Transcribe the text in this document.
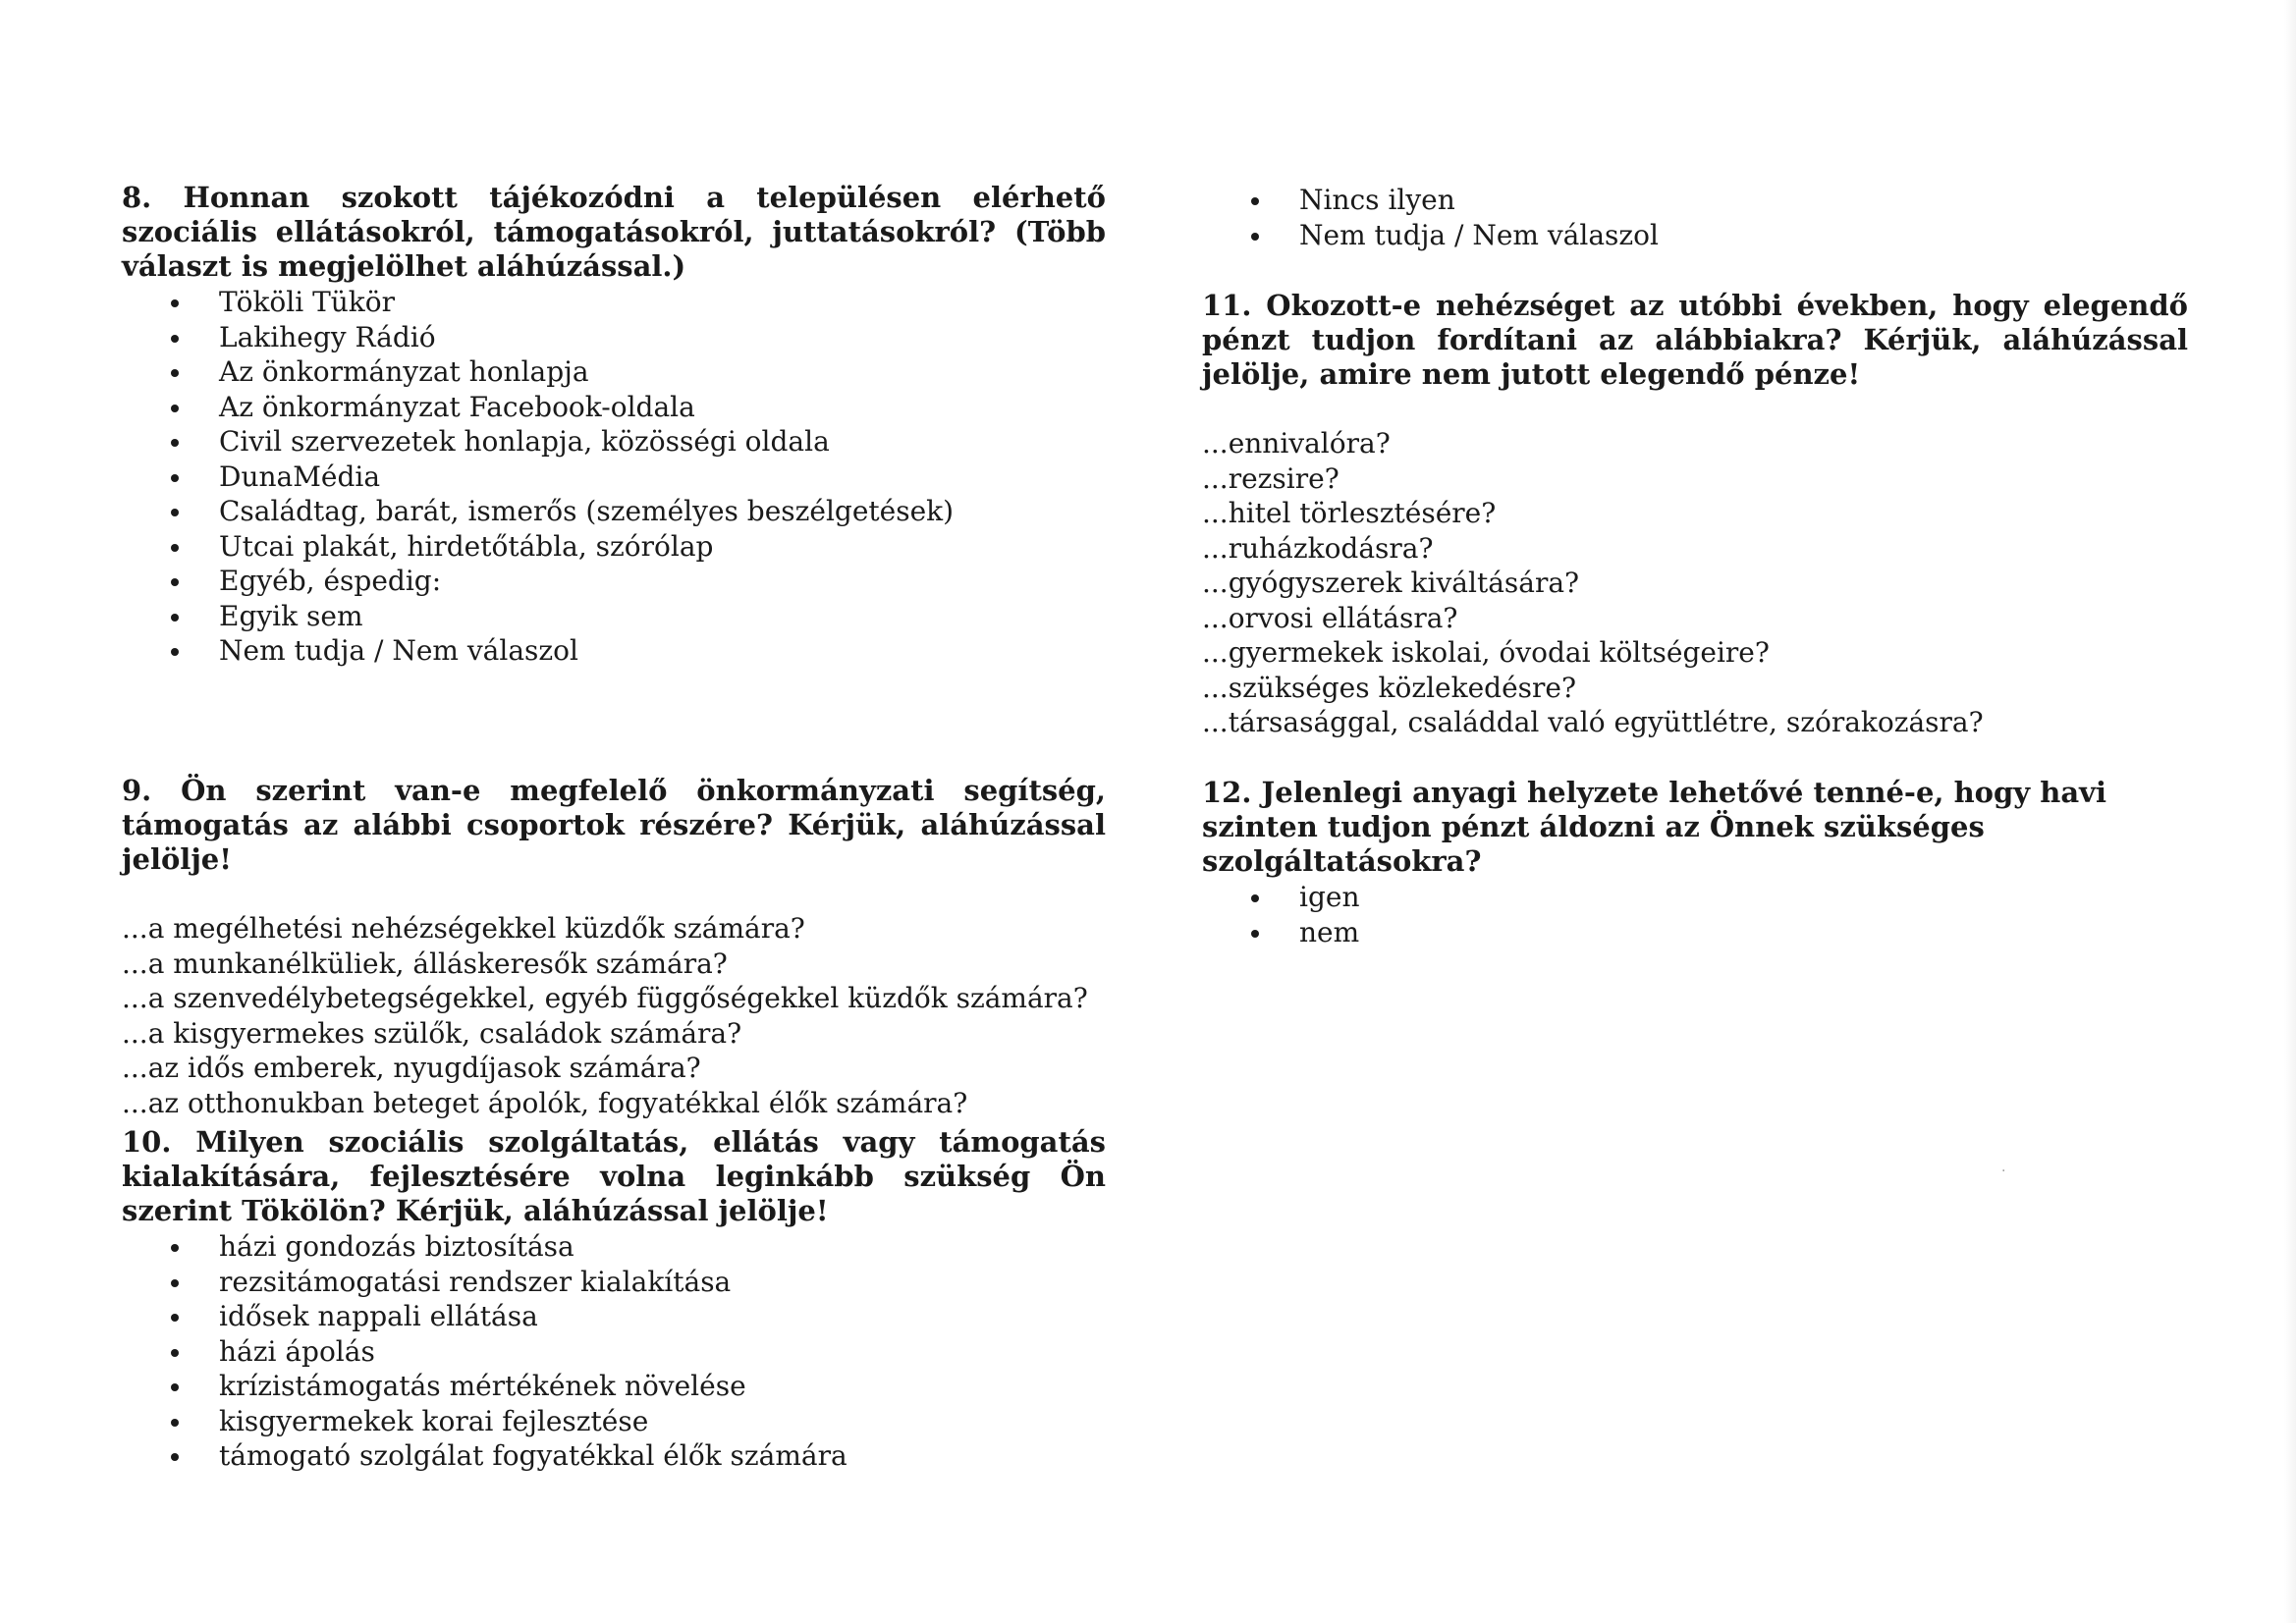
8. Honnan szokott tájékozódni a településen elérhető szociális ellátásokról, támogatásokról, juttatásokról? (Több választ is megjelölhet aláhúzással.)

Tököli Tükör
Lakihegy Rádió
Az önkormányzat honlapja
Az önkormányzat Facebook-oldala
Civil szervezetek honlapja, közösségi oldala
DunaMédia
Családtag, barát, ismerős (személyes beszélgetések)
Utcai plakát, hirdetőtábla, szórólap
Egyéb, éspedig:
Egyik sem
Nem tudja / Nem válaszol

9. Ön szerint van-e megfelelő önkormányzati segítség, támogatás az alábbi csoportok részére? Kérjük, aláhúzással jelölje!

...a megélhetési nehézségekkel küzdők számára?
...a munkanélküliek, álláskeresők számára?
...a szenvedélybetegségekkel, egyéb függőségekkel küzdők számára?
...a kisgyermekes szülők, családok számára?
...az idős emberek, nyugdíjasok számára?
...az otthonukban beteget ápolók, fogyatékkal élők számára?

10. Milyen szociális szolgáltatás, ellátás vagy támogatás kialakítására, fejlesztésére volna leginkább szükség Ön szerint Tökölön? Kérjük, aláhúzással jelölje!

házi gondozás biztosítása
rezsitámogatási rendszer kialakítása
idősek nappali ellátása
házi ápolás
krízistámogatás mértékének növelése
kisgyermekek korai fejlesztése
támogató szolgálat fogyatékkal élők számára
Nincs ilyen
Nem tudja / Nem válaszol

11. Okozott-e nehézséget az utóbbi években, hogy elegendő pénzt tudjon fordítani az alábbiakra? Kérjük, aláhúzással jelölje, amire nem jutott elegendő pénze!

...ennivalóra?
...rezsire?
...hitel törlesztésére?
...ruházkodásra?
...gyógyszerek kiváltására?
...orvosi ellátásra?
...gyermekek iskolai, óvodai költségeire?
...szükséges közlekedésre?
...társasággal, családdal való együttlétre, szórakozásra?

12. Jelenlegi anyagi helyzete lehetővé tenné-e, hogy havi szinten tudjon pénzt áldozni az Önnek szükséges szolgáltatásokra?

igen
nem
·
